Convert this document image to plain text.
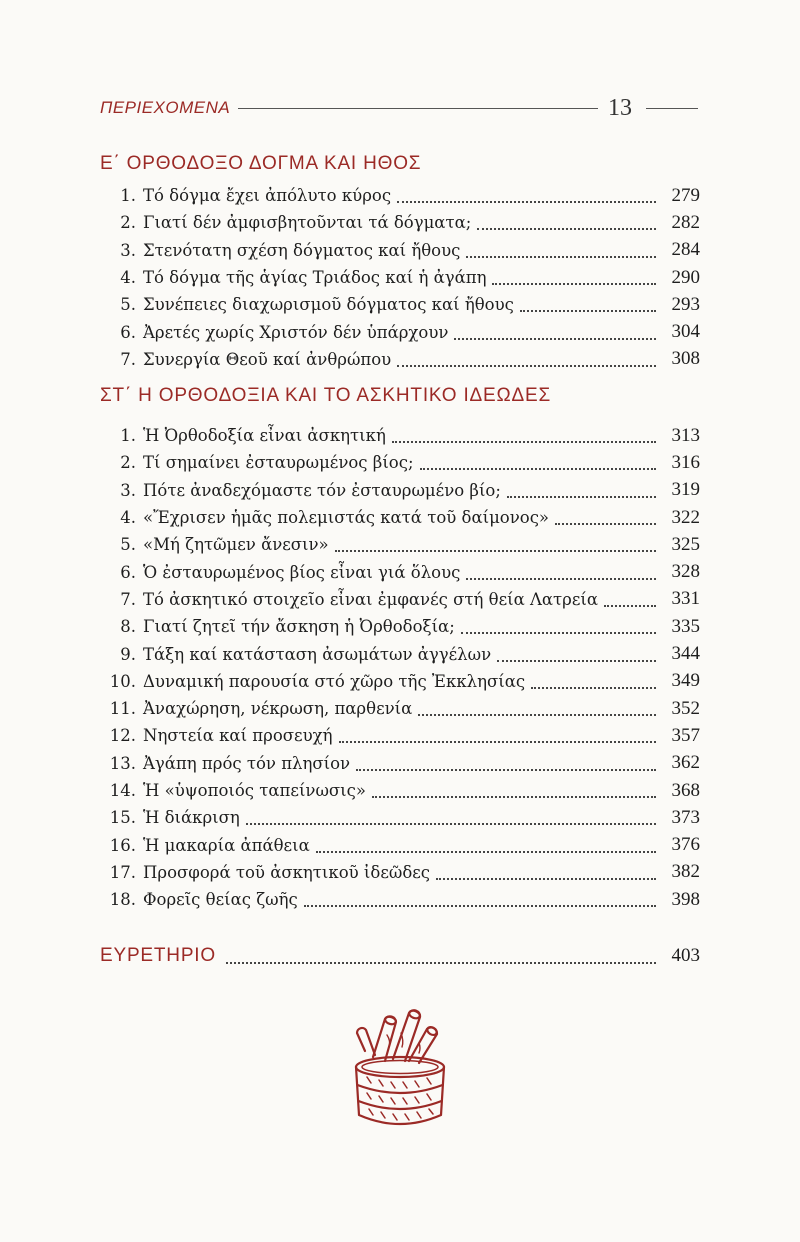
ΠΕΡΙΕΧΟΜΕΝΑ	13
Ε΄ ΟΡΘΟΔΟΞΟ ΔΟΓΜΑ ΚΑΙ ΗΘΟΣ
1. Τό δόγμα ἔχει ἀπόλυτο κύρος	279
2. Γιατί δέν ἀμφισβητοῦνται τά δόγματα;	282
3. Στενότατη σχέση δόγματος καί ἤθους	284
4. Τό δόγμα τῆς ἁγίας Τριάδος καί ἡ ἀγάπη	290
5. Συνέπειες διαχωρισμοῦ δόγματος καί ἤθους	293
6. Ἀρετές χωρίς Χριστόν δέν ὑπάρχουν	304
7. Συνεργία Θεοῦ καί ἀνθρώπου	308
ΣΤ΄ Η ΟΡΘΟΔΟΞΙΑ ΚΑΙ ΤΟ ΑΣΚΗΤΙΚΟ ΙΔΕΩΔΕΣ
1. Ἡ Ὀρθοδοξία εἶναι ἀσκητική	313
2. Τί σημαίνει ἐσταυρωμένος βίος;	316
3. Πότε ἀναδεχόμαστε τόν ἐσταυρωμένο βίο;	319
4. «Ἔχρισεν ἡμᾶς πολεμιστάς κατά τοῦ δαίμονος»	322
5. «Μή ζητῶμεν ἄνεσιν»	325
6. Ὁ ἐσταυρωμένος βίος εἶναι γιά ὅλους	328
7. Τό ἀσκητικό στοιχεῖο εἶναι ἐμφανές στή θεία Λατρεία	331
8. Γιατί ζητεῖ τήν ἄσκηση ἡ Ὀρθοδοξία;	335
9. Τάξη καί κατάσταση ἀσωμάτων ἀγγέλων	344
10. Δυναμική παρουσία στό χῶρο τῆς Ἐκκλησίας	349
11. Ἀναχώρηση, νέκρωση, παρθενία	352
12. Νηστεία καί προσευχή	357
13. Ἀγάπη πρός τόν πλησίον	362
14. Ἡ «ὑψοποιός ταπείνωσις»	368
15. Ἡ διάκριση	373
16. Ἡ μακαρία ἀπάθεια	376
17. Προσφορά τοῦ ἀσκητικοῦ ἰδεῶδες	382
18. Φορεῖς θείας ζωῆς	398
ΕΥΡΕΤΗΡΙΟ	403
